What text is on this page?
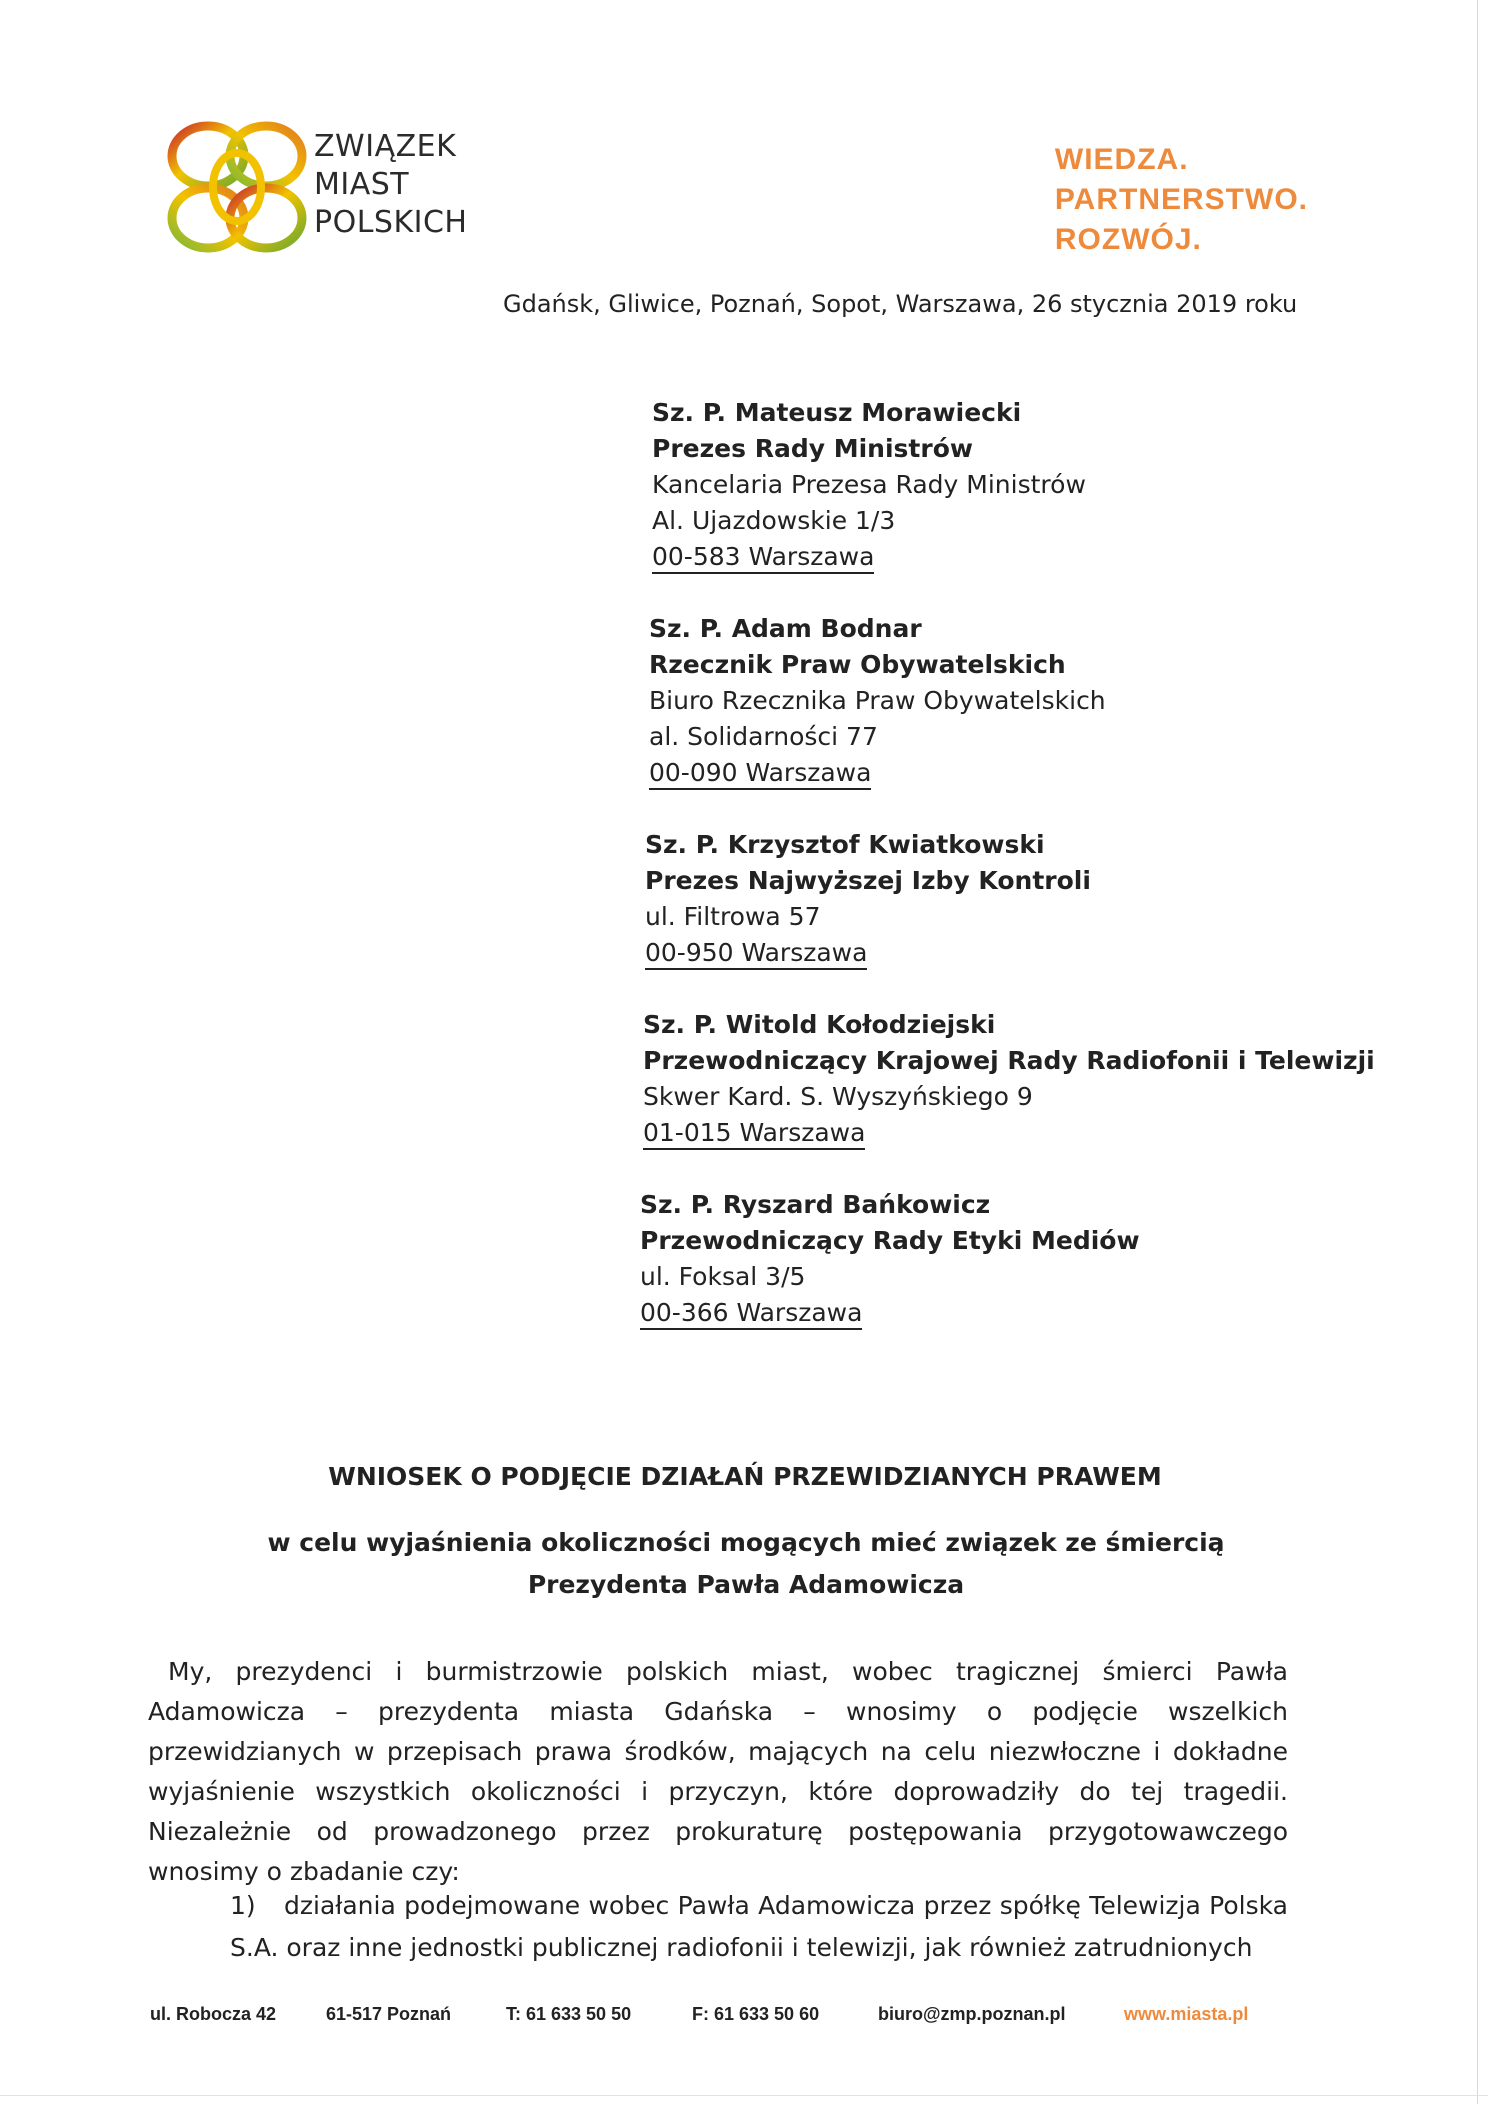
ZWIĄZEK
MIAST
POLSKICH
WIEDZA.
PARTNERSTWO.
ROZWÓJ.
Gdańsk, Gliwice, Poznań, Sopot, Warszawa, 26 stycznia 2019 roku
Sz. P. Mateusz Morawiecki
Prezes Rady Ministrów
Kancelaria Prezesa Rady Ministrów
Al. Ujazdowskie 1/3
00-583 Warszawa
Sz. P. Adam Bodnar
Rzecznik Praw Obywatelskich
Biuro Rzecznika Praw Obywatelskich
al. Solidarności 77
00-090 Warszawa
Sz. P. Krzysztof Kwiatkowski
Prezes Najwyższej Izby Kontroli
ul. Filtrowa 57
00-950 Warszawa
Sz. P. Witold Kołodziejski
Przewodniczący Krajowej Rady Radiofonii i Telewizji
Skwer Kard. S. Wyszyńskiego 9
01-015 Warszawa
Sz. P. Ryszard Bańkowicz
Przewodniczący Rady Etyki Mediów
ul. Foksal 3/5
00-366 Warszawa
WNIOSEK O PODJĘCIE DZIAŁAŃ PRZEWIDZIANYCH PRAWEM
w celu wyjaśnienia okoliczności mogących mieć związek ze śmiercią Prezydenta Pawła Adamowicza

My, prezydenci i burmistrzowie polskich miast, wobec tragicznej śmierci Pawła Adamowicza – prezydenta miasta Gdańska – wnosimy o podjęcie wszelkich przewidzianych w przepisach prawa środków, mających na celu niezwłoczne i dokładne wyjaśnienie wszystkich okoliczności i przyczyn, które doprowadziły do tej tragedii. Niezależnie od prowadzonego przez prokuraturę postępowania przygotowawczego wnosimy o zbadanie czy:

1)	działania podejmowane wobec Pawła Adamowicza przez spółkę Telewizja Polska S.A. oraz inne jednostki publicznej radiofonii i telewizji, jak również zatrudnionych
ul. Robocza 42	61-517 Poznań	T: 61 633 50 50	F: 61 633 50 60	biuro@zmp.poznan.pl	www.miasta.pl
